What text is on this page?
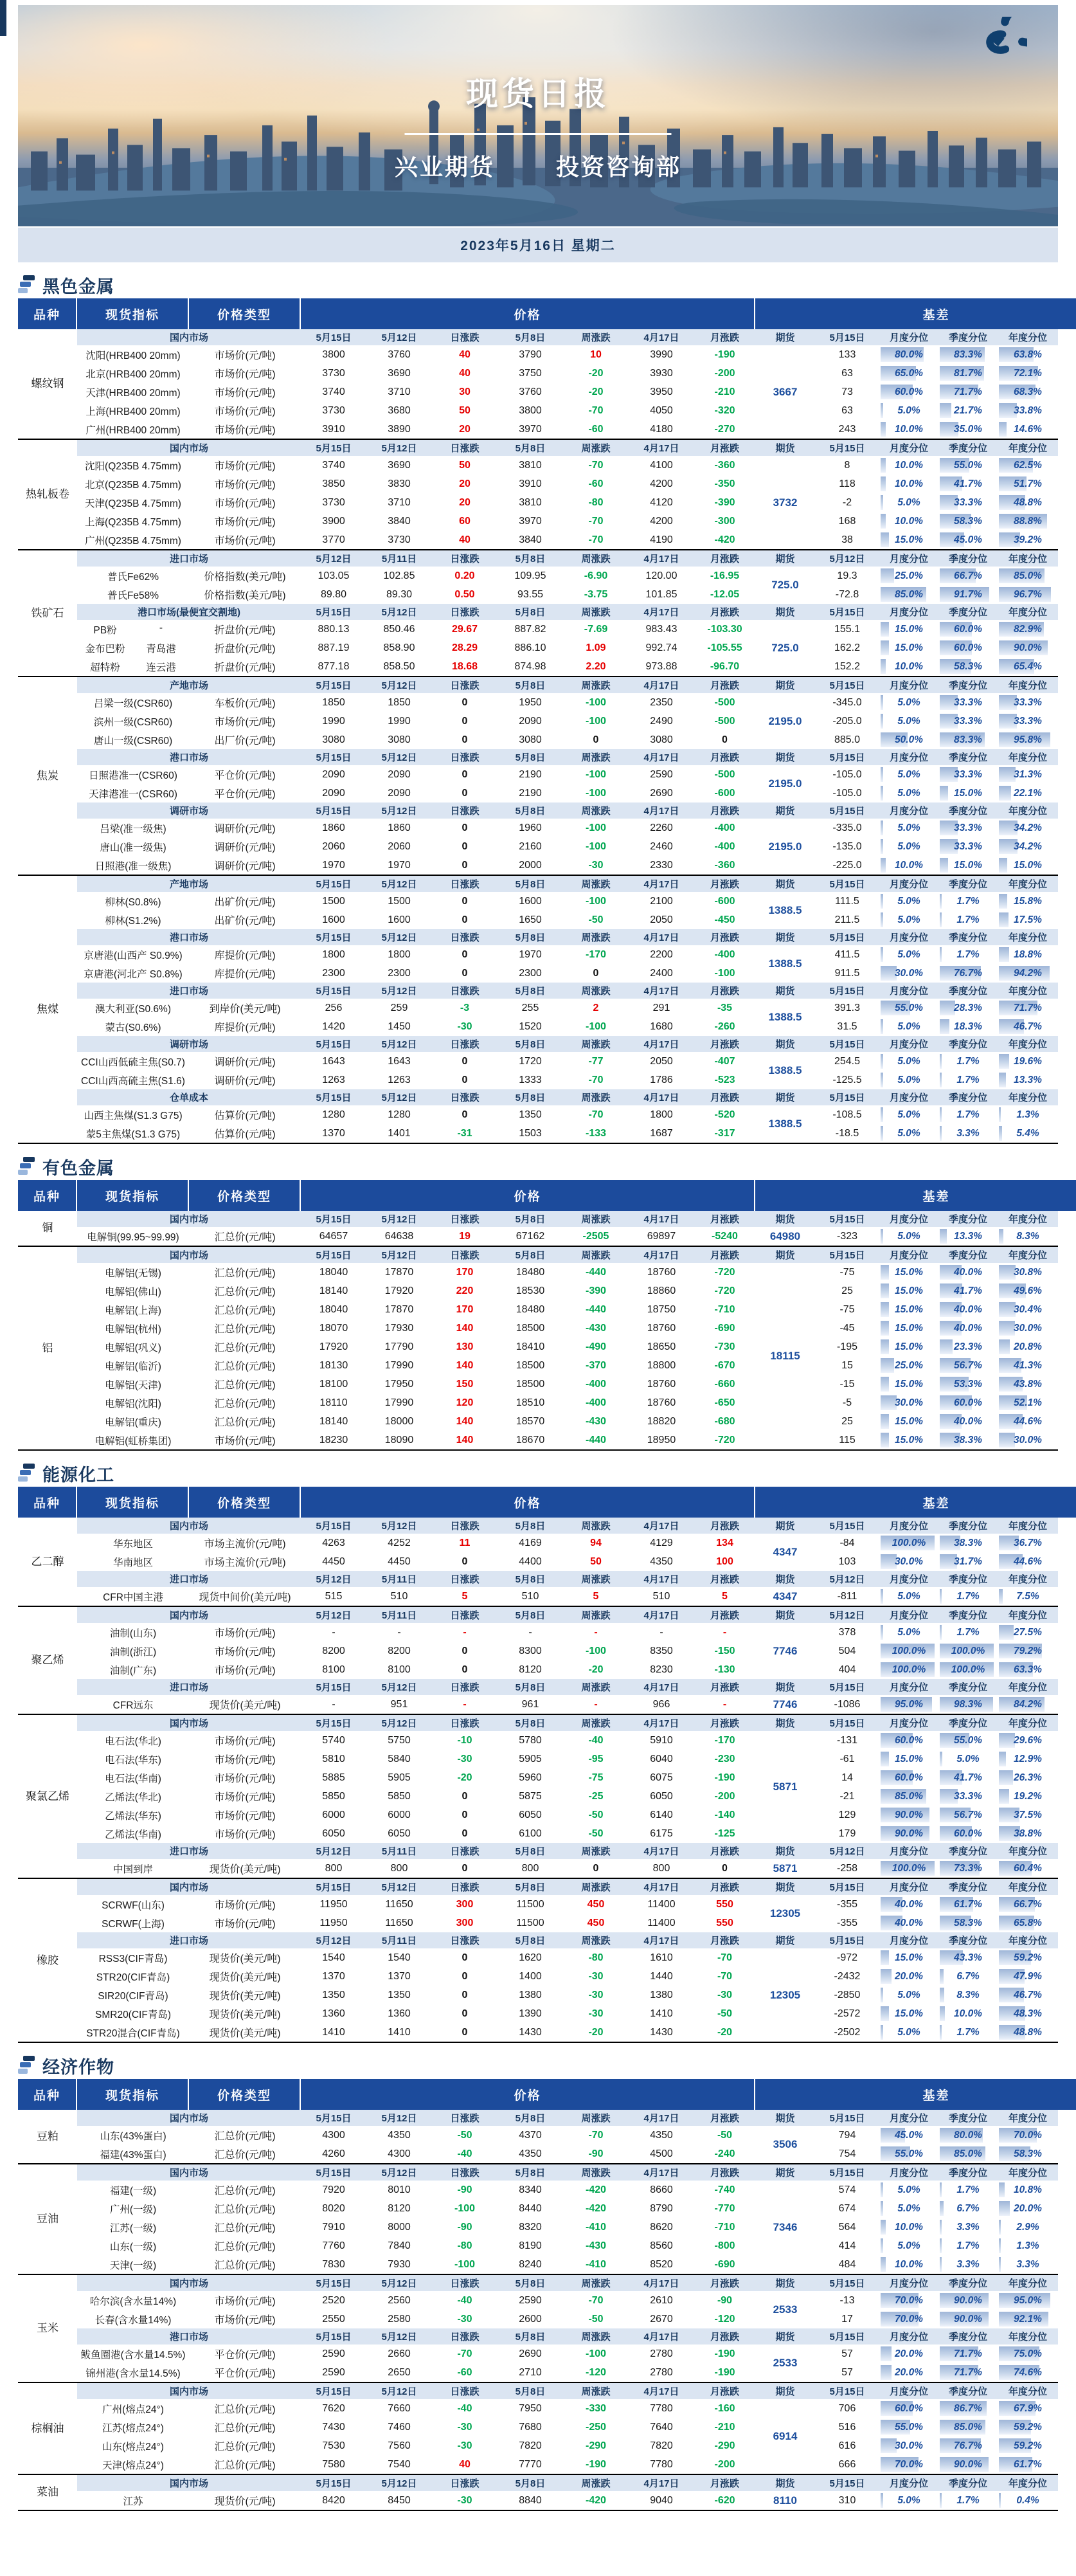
现货日报
兴业期货	投资咨询部
2023年5月16日 星期二
黑色金属
品种	现货指标	价格类型	价格	基差
螺纹钢
国内市场	5月15日	5月12日	日涨跌	5月8日	周涨跌	4月17日	月涨跌	期货	5月15日	月度分位	季度分位	年度分位
沈阳(HRB400 20mm)	市场价(元/吨)	3800	3760	40	3790	10	3990	-190	133	80.0%	83.3%	63.8%
北京(HRB400 20mm)	市场价(元/吨)	3730	3690	40	3750	-20	3930	-200	63	65.0%	81.7%	72.1%
天津(HRB400 20mm)	市场价(元/吨)	3740	3710	30	3760	-20	3950	-210	73	60.0%	71.7%	68.3%
上海(HRB400 20mm)	市场价(元/吨)	3730	3680	50	3800	-70	4050	-320	63	5.0%	21.7%	33.8%
广州(HRB400 20mm)	市场价(元/吨)	3910	3890	20	3970	-60	4180	-270	243	10.0%	35.0%	14.6%
3667
热轧板卷
国内市场	5月15日	5月12日	日涨跌	5月8日	周涨跌	4月17日	月涨跌	期货	5月15日	月度分位	季度分位	年度分位
沈阳(Q235B 4.75mm)	市场价(元/吨)	3740	3690	50	3810	-70	4100	-360	8	10.0%	55.0%	62.5%
北京(Q235B 4.75mm)	市场价(元/吨)	3850	3830	20	3910	-60	4200	-350	118	10.0%	41.7%	51.7%
天津(Q235B 4.75mm)	市场价(元/吨)	3730	3710	20	3810	-80	4120	-390	-2	5.0%	33.3%	48.8%
上海(Q235B 4.75mm)	市场价(元/吨)	3900	3840	60	3970	-70	4200	-300	168	10.0%	58.3%	88.8%
广州(Q235B 4.75mm)	市场价(元/吨)	3770	3730	40	3840	-70	4190	-420	38	15.0%	45.0%	39.2%
3732
铁矿石
进口市场	5月12日	5月11日	日涨跌	5月8日	周涨跌	4月17日	月涨跌	期货	5月12日	月度分位	季度分位	年度分位
普氏Fe62%	价格指数(美元/吨)	103.05	102.85	0.20	109.95	-6.90	120.00	-16.95	19.3	25.0%	66.7%	85.0%
普氏Fe58%	价格指数(美元/吨)	89.80	89.30	0.50	93.55	-3.75	101.85	-12.05	-72.8	85.0%	91.7%	96.7%
725.0
港口市场(最便宜交割地)	5月15日	5月12日	日涨跌	5月8日	周涨跌	4月17日	月涨跌	期货	5月15日	月度分位	季度分位	年度分位
PB粉	-	折盘价(元/吨)	880.13	850.46	29.67	887.82	-7.69	983.43	-103.30	155.1	15.0%	60.0%	82.9%
金布巴粉	青岛港	折盘价(元/吨)	887.19	858.90	28.29	886.10	1.09	992.74	-105.55	162.2	15.0%	60.0%	90.0%
超特粉	连云港	折盘价(元/吨)	877.18	858.50	18.68	874.98	2.20	973.88	-96.70	152.2	10.0%	58.3%	65.4%
725.0
焦炭
产地市场	5月15日	5月12日	日涨跌	5月8日	周涨跌	4月17日	月涨跌	期货	5月15日	月度分位	季度分位	年度分位
吕梁一级(CSR60)	车板价(元/吨)	1850	1850	0	1950	-100	2350	-500	-345.0	5.0%	33.3%	33.3%
滨州一级(CSR60)	市场价(元/吨)	1990	1990	0	2090	-100	2490	-500	-205.0	5.0%	33.3%	33.3%
唐山一级(CSR60)	出厂价(元/吨)	3080	3080	0	3080	0	3080	0	885.0	50.0%	83.3%	95.8%
2195.0
港口市场	5月15日	5月12日	日涨跌	5月8日	周涨跌	4月17日	月涨跌	期货	5月15日	月度分位	季度分位	年度分位
日照港准一(CSR60)	平仓价(元/吨)	2090	2090	0	2190	-100	2590	-500	-105.0	5.0%	33.3%	31.3%
天津港准一(CSR60)	平仓价(元/吨)	2090	2090	0	2190	-100	2690	-600	-105.0	5.0%	15.0%	22.1%
2195.0
调研市场	5月15日	5月12日	日涨跌	5月8日	周涨跌	4月17日	月涨跌	期货	5月15日	月度分位	季度分位	年度分位
吕梁(准一级焦)	调研价(元/吨)	1860	1860	0	1960	-100	2260	-400	-335.0	5.0%	33.3%	34.2%
唐山(准一级焦)	调研价(元/吨)	2060	2060	0	2160	-100	2460	-400	-135.0	5.0%	33.3%	34.2%
日照港(准一级焦)	调研价(元/吨)	1970	1970	0	2000	-30	2330	-360	-225.0	10.0%	15.0%	15.0%
2195.0
焦煤
产地市场	5月15日	5月12日	日涨跌	5月8日	周涨跌	4月17日	月涨跌	期货	5月15日	月度分位	季度分位	年度分位
柳林(S0.8%)	出矿价(元/吨)	1500	1500	0	1600	-100	2100	-600	111.5	5.0%	1.7%	15.8%
柳林(S1.2%)	出矿价(元/吨)	1600	1600	0	1650	-50	2050	-450	211.5	5.0%	1.7%	17.5%
1388.5
港口市场	5月15日	5月12日	日涨跌	5月8日	周涨跌	4月17日	月涨跌	期货	5月15日	月度分位	季度分位	年度分位
京唐港(山西产 S0.9%)	库提价(元/吨)	1800	1800	0	1970	-170	2200	-400	411.5	5.0%	1.7%	18.8%
京唐港(河北产 S0.8%)	库提价(元/吨)	2300	2300	0	2300	0	2400	-100	911.5	30.0%	76.7%	94.2%
1388.5
进口市场	5月15日	5月12日	日涨跌	5月8日	周涨跌	4月17日	月涨跌	期货	5月15日	月度分位	季度分位	年度分位
澳大利亚(S0.6%)	到岸价(美元/吨)	256	259	-3	255	2	291	-35	391.3	55.0%	28.3%	71.7%
蒙古(S0.6%)	库提价(元/吨)	1420	1450	-30	1520	-100	1680	-260	31.5	5.0%	18.3%	46.7%
1388.5
调研市场	5月15日	5月12日	日涨跌	5月8日	周涨跌	4月17日	月涨跌	期货	5月15日	月度分位	季度分位	年度分位
CCI山西低硫主焦(S0.7)	调研价(元/吨)	1643	1643	0	1720	-77	2050	-407	254.5	5.0%	1.7%	19.6%
CCI山西高硫主焦(S1.6)	调研价(元/吨)	1263	1263	0	1333	-70	1786	-523	-125.5	5.0%	1.7%	13.3%
1388.5
仓单成本	5月15日	5月12日	日涨跌	5月8日	周涨跌	4月17日	月涨跌	期货	5月15日	月度分位	季度分位	年度分位
山西主焦煤(S1.3 G75)	估算价(元/吨)	1280	1280	0	1350	-70	1800	-520	-108.5	5.0%	1.7%	1.3%
蒙5主焦煤(S1.3 G75)	估算价(元/吨)	1370	1401	-31	1503	-133	1687	-317	-18.5	5.0%	3.3%	5.4%
1388.5
有色金属
品种	现货指标	价格类型	价格	基差
铜
国内市场	5月15日	5月12日	日涨跌	5月8日	周涨跌	4月17日	月涨跌	期货	5月15日	月度分位	季度分位	年度分位
电解铜(99.95~99.99)	汇总价(元/吨)	64657	64638	19	67162	-2505	69897	-5240	-323	5.0%	13.3%	8.3%
64980
铝
国内市场	5月15日	5月12日	日涨跌	5月8日	周涨跌	4月17日	月涨跌	期货	5月15日	月度分位	季度分位	年度分位
电解铝(无锡)	汇总价(元/吨)	18040	17870	170	18480	-440	18760	-720	-75	15.0%	40.0%	30.8%
电解铝(佛山)	汇总价(元/吨)	18140	17920	220	18530	-390	18860	-720	25	15.0%	41.7%	49.6%
电解铝(上海)	汇总价(元/吨)	18040	17870	170	18480	-440	18750	-710	-75	15.0%	40.0%	30.4%
电解铝(杭州)	汇总价(元/吨)	18070	17930	140	18500	-430	18760	-690	-45	15.0%	40.0%	30.0%
电解铝(巩义)	汇总价(元/吨)	17920	17790	130	18410	-490	18650	-730	-195	15.0%	23.3%	20.8%
电解铝(临沂)	汇总价(元/吨)	18130	17990	140	18500	-370	18800	-670	15	25.0%	56.7%	41.3%
电解铝(天津)	汇总价(元/吨)	18100	17950	150	18500	-400	18760	-660	-15	15.0%	53.3%	43.8%
电解铝(沈阳)	汇总价(元/吨)	18110	17990	120	18510	-400	18760	-650	-5	30.0%	60.0%	52.1%
电解铝(重庆)	汇总价(元/吨)	18140	18000	140	18570	-430	18820	-680	25	15.0%	40.0%	44.6%
电解铝(虹桥集团)	市场价(元/吨)	18230	18090	140	18670	-440	18950	-720	115	15.0%	38.3%	30.0%
18115
能源化工
品种	现货指标	价格类型	价格	基差
乙二醇
国内市场	5月15日	5月12日	日涨跌	5月8日	周涨跌	4月17日	月涨跌	期货	5月15日	月度分位	季度分位	年度分位
华东地区	市场主流价(元/吨)	4263	4252	11	4169	94	4129	134	-84	100.0%	38.3%	36.7%
华南地区	市场主流价(元/吨)	4450	4450	0	4400	50	4350	100	103	30.0%	31.7%	44.6%
4347
进口市场	5月12日	5月11日	日涨跌	5月8日	周涨跌	4月17日	月涨跌	期货	5月12日	月度分位	季度分位	年度分位
CFR中国主港	现货中间价(美元/吨)	515	510	5	510	5	510	5	-811	5.0%	1.7%	7.5%
4347
聚乙烯
国内市场	5月12日	5月11日	日涨跌	5月8日	周涨跌	4月17日	月涨跌	期货	5月12日	月度分位	季度分位	年度分位
油制(山东)	市场价(元/吨)	-	-	-	-	-	-	-	378	5.0%	1.7%	27.5%
油制(浙江)	市场价(元/吨)	8200	8200	0	8300	-100	8350	-150	504	100.0%	100.0%	79.2%
油制(广东)	市场价(元/吨)	8100	8100	0	8120	-20	8230	-130	404	100.0%	100.0%	63.3%
7746
进口市场	5月15日	5月12日	日涨跌	5月8日	周涨跌	4月17日	月涨跌	期货	5月15日	月度分位	季度分位	年度分位
CFR远东	现货价(美元/吨)	-	951	-	961	-	966	-	-1086	95.0%	98.3%	84.2%
7746
聚氯乙烯
国内市场	5月15日	5月12日	日涨跌	5月8日	周涨跌	4月17日	月涨跌	期货	5月15日	月度分位	季度分位	年度分位
电石法(华北)	市场价(元/吨)	5740	5750	-10	5780	-40	5910	-170	-131	60.0%	55.0%	29.6%
电石法(华东)	市场价(元/吨)	5810	5840	-30	5905	-95	6040	-230	-61	15.0%	5.0%	12.9%
电石法(华南)	市场价(元/吨)	5885	5905	-20	5960	-75	6075	-190	14	60.0%	41.7%	26.3%
乙烯法(华北)	市场价(元/吨)	5850	5850	0	5875	-25	6050	-200	-21	85.0%	33.3%	19.2%
乙烯法(华东)	市场价(元/吨)	6000	6000	0	6050	-50	6140	-140	129	90.0%	56.7%	37.5%
乙烯法(华南)	市场价(元/吨)	6050	6050	0	6100	-50	6175	-125	179	90.0%	60.0%	38.8%
5871
进口市场	5月12日	5月11日	日涨跌	5月8日	周涨跌	4月17日	月涨跌	期货	5月12日	月度分位	季度分位	年度分位
中国到岸	现货价(美元/吨)	800	800	0	800	0	800	0	-258	100.0%	73.3%	60.4%
5871
橡胶
国内市场	5月15日	5月12日	日涨跌	5月8日	周涨跌	4月17日	月涨跌	期货	5月15日	月度分位	季度分位	年度分位
SCRWF(山东)	市场价(元/吨)	11950	11650	300	11500	450	11400	550	-355	40.0%	61.7%	66.7%
SCRWF(上海)	市场价(元/吨)	11950	11650	300	11500	450	11400	550	-355	40.0%	58.3%	65.8%
12305
进口市场	5月12日	5月11日	日涨跌	5月8日	周涨跌	4月17日	月涨跌	期货	5月15日	月度分位	季度分位	年度分位
RSS3(CIF青岛)	现货价(美元/吨)	1540	1540	0	1620	-80	1610	-70	-972	15.0%	43.3%	59.2%
STR20(CIF青岛)	现货价(美元/吨)	1370	1370	0	1400	-30	1440	-70	-2432	20.0%	6.7%	47.9%
SIR20(CIF青岛)	现货价(美元/吨)	1350	1350	0	1380	-30	1380	-30	-2850	5.0%	8.3%	46.7%
SMR20(CIF青岛)	现货价(美元/吨)	1360	1360	0	1390	-30	1410	-50	-2572	15.0%	10.0%	48.3%
STR20混合(CIF青岛)	现货价(美元/吨)	1410	1410	0	1430	-20	1430	-20	-2502	5.0%	1.7%	48.8%
12305
经济作物
品种	现货指标	价格类型	价格	基差
豆粕
国内市场	5月15日	5月12日	日涨跌	5月8日	周涨跌	4月17日	月涨跌	期货	5月15日	月度分位	季度分位	年度分位
山东(43%蛋白)	汇总价(元/吨)	4300	4350	-50	4370	-70	4350	-50	794	45.0%	80.0%	70.0%
福建(43%蛋白)	汇总价(元/吨)	4260	4300	-40	4350	-90	4500	-240	754	55.0%	85.0%	58.3%
3506
豆油
国内市场	5月15日	5月12日	日涨跌	5月8日	周涨跌	4月17日	月涨跌	期货	5月15日	月度分位	季度分位	年度分位
福建(一级)	汇总价(元/吨)	7920	8010	-90	8340	-420	8660	-740	574	5.0%	1.7%	10.8%
广州(一级)	汇总价(元/吨)	8020	8120	-100	8440	-420	8790	-770	674	5.0%	6.7%	20.0%
江苏(一级)	汇总价(元/吨)	7910	8000	-90	8320	-410	8620	-710	564	10.0%	3.3%	2.9%
山东(一级)	汇总价(元/吨)	7760	7840	-80	8190	-430	8560	-800	414	5.0%	1.7%	1.3%
天津(一级)	汇总价(元/吨)	7830	7930	-100	8240	-410	8520	-690	484	10.0%	3.3%	3.3%
7346
玉米
国内市场	5月15日	5月12日	日涨跌	5月8日	周涨跌	4月17日	月涨跌	期货	5月15日	月度分位	季度分位	年度分位
哈尔滨(含水量14%)	市场价(元/吨)	2520	2560	-40	2590	-70	2610	-90	-13	70.0%	90.0%	95.0%
长春(含水量14%)	市场价(元/吨)	2550	2580	-30	2600	-50	2670	-120	17	70.0%	90.0%	92.1%
2533
港口市场	5月15日	5月12日	日涨跌	5月8日	周涨跌	4月17日	月涨跌	期货	5月15日	月度分位	季度分位	年度分位
鲅鱼圈港(含水量14.5%)	平仓价(元/吨)	2590	2660	-70	2690	-100	2780	-190	57	20.0%	71.7%	75.0%
锦州港(含水量14.5%)	平仓价(元/吨)	2590	2650	-60	2710	-120	2780	-190	57	20.0%	71.7%	74.6%
2533
棕榈油
国内市场	5月15日	5月12日	日涨跌	5月8日	周涨跌	4月17日	月涨跌	期货	5月15日	月度分位	季度分位	年度分位
广州(熔点24°)	汇总价(元/吨)	7620	7660	-40	7950	-330	7780	-160	706	60.0%	86.7%	67.9%
江苏(熔点24°)	汇总价(元/吨)	7430	7460	-30	7680	-250	7640	-210	516	55.0%	85.0%	59.2%
山东(熔点24°)	汇总价(元/吨)	7530	7560	-30	7820	-290	7820	-290	616	30.0%	76.7%	59.2%
天津(熔点24°)	汇总价(元/吨)	7580	7540	40	7770	-190	7780	-200	666	70.0%	90.0%	61.7%
6914
菜油
国内市场	5月15日	5月12日	日涨跌	5月8日	周涨跌	4月17日	月涨跌	期货	5月15日	月度分位	季度分位	年度分位
江苏	现货价(元/吨)	8420	8450	-30	8840	-420	9040	-620	310	5.0%	1.7%	0.4%
8110
